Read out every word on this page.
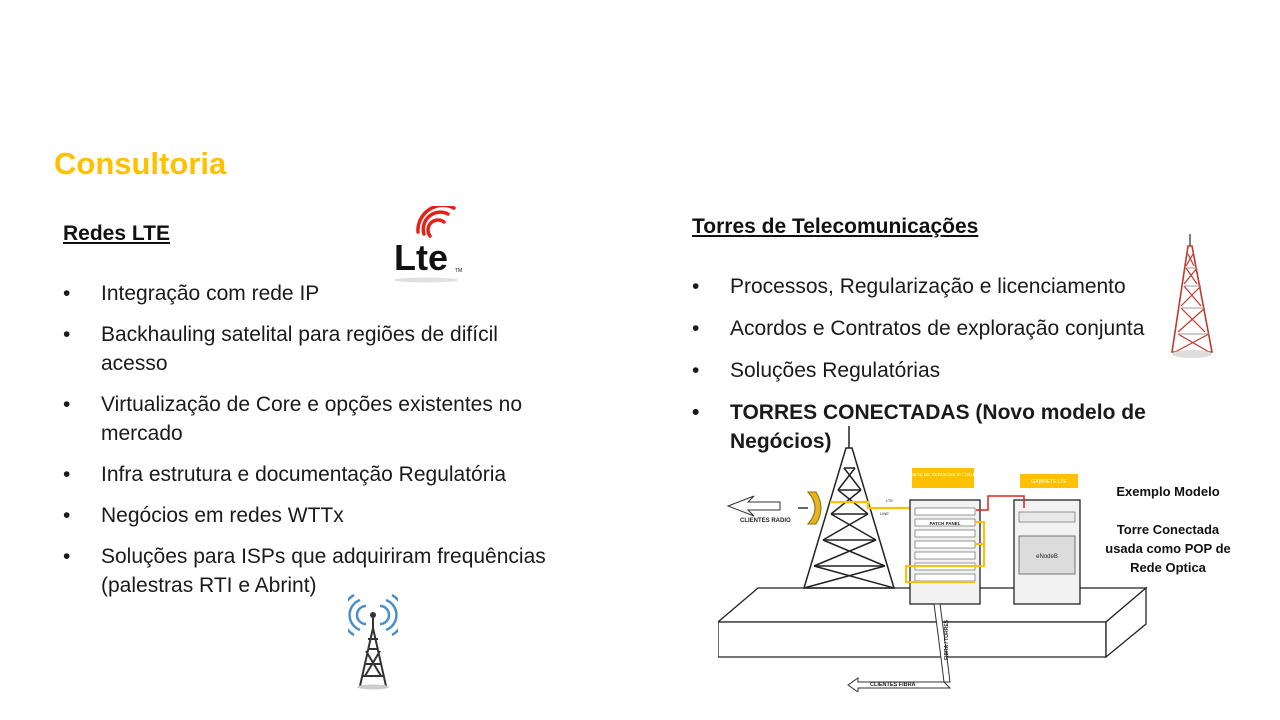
Consultoria
Redes LTE
Lte TM
• Integração com rede IP
• Backhauling satelital para regiões de difícil acesso
• Virtualização de Core e opções existentes no mercado
• Infra estrutura e documentação Regulatória
• Negócios em redes WTTx
• Soluções para ISPs que adquiriram frequências (palestras RTI e Abrint)
Torres de Telecomunicações
• Processos, Regularização e licenciamento
• Acordos e Contratos de exploração conjunta
• Soluções Regulatórias
• TORRES CONECTADAS (Novo modelo de Negócios)
CLIENTES RADIO
LTE
LINE
GABINETE DE SERVICOS IP / TELECOM
PATCH PANEL
GABINETE LTE
eNodeB
FIBRA / TORRES
CLIENTES FIBRA
Exemplo Modelo
Torre Conectada usada como POP de Rede Optica
